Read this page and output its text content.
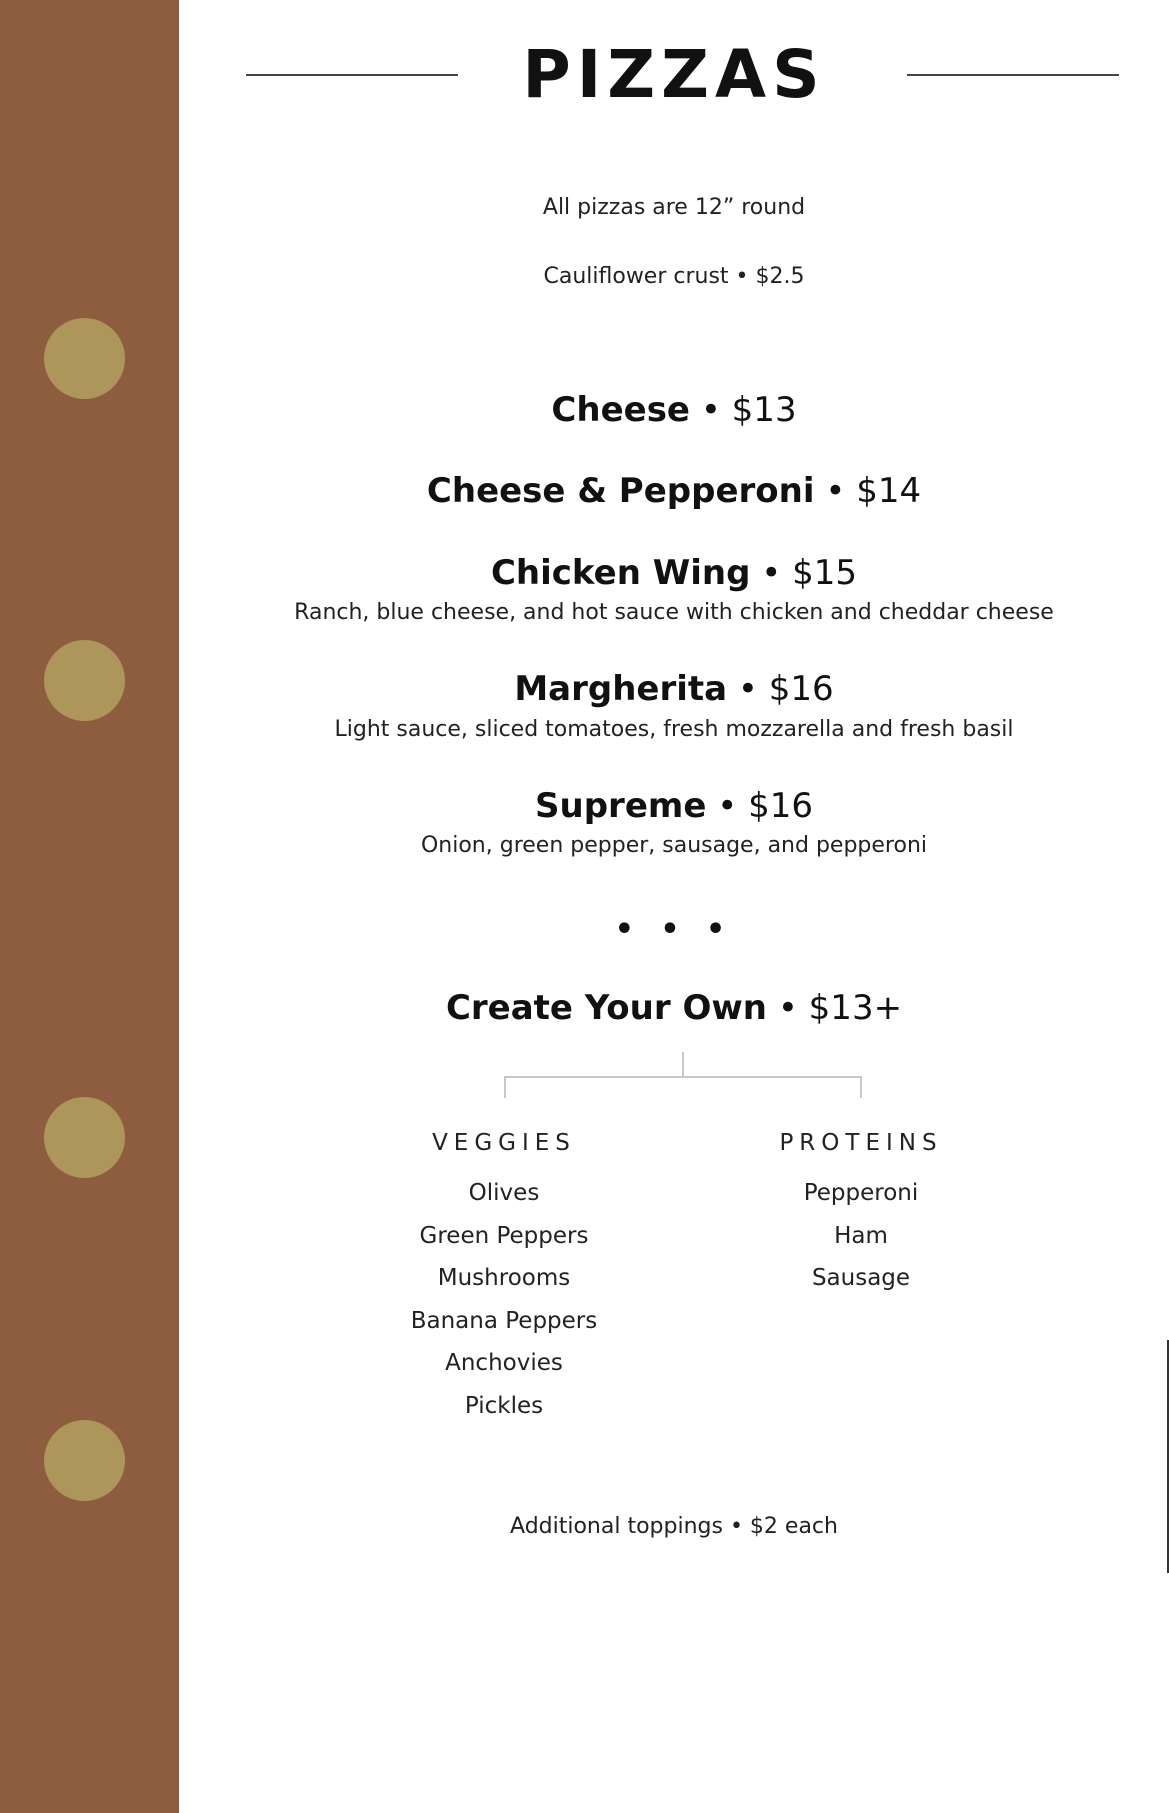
PIZZAS
All pizzas are 12” round
Cauliflower crust • $2.5
Cheese • $13
Cheese & Pepperoni • $14
Chicken Wing • $15
Ranch, blue cheese, and hot sauce with chicken and cheddar cheese
Margherita • $16
Light sauce, sliced tomatoes, fresh mozzarella and fresh basil
Supreme • $16
Onion, green pepper, sausage, and pepperoni
• • •
Create Your Own • $13+
VEGGIES
Olives
Green Peppers
Mushrooms
Banana Peppers
Anchovies
Pickles
PROTEINS
Pepperoni
Ham
Sausage
Additional toppings • $2 each
